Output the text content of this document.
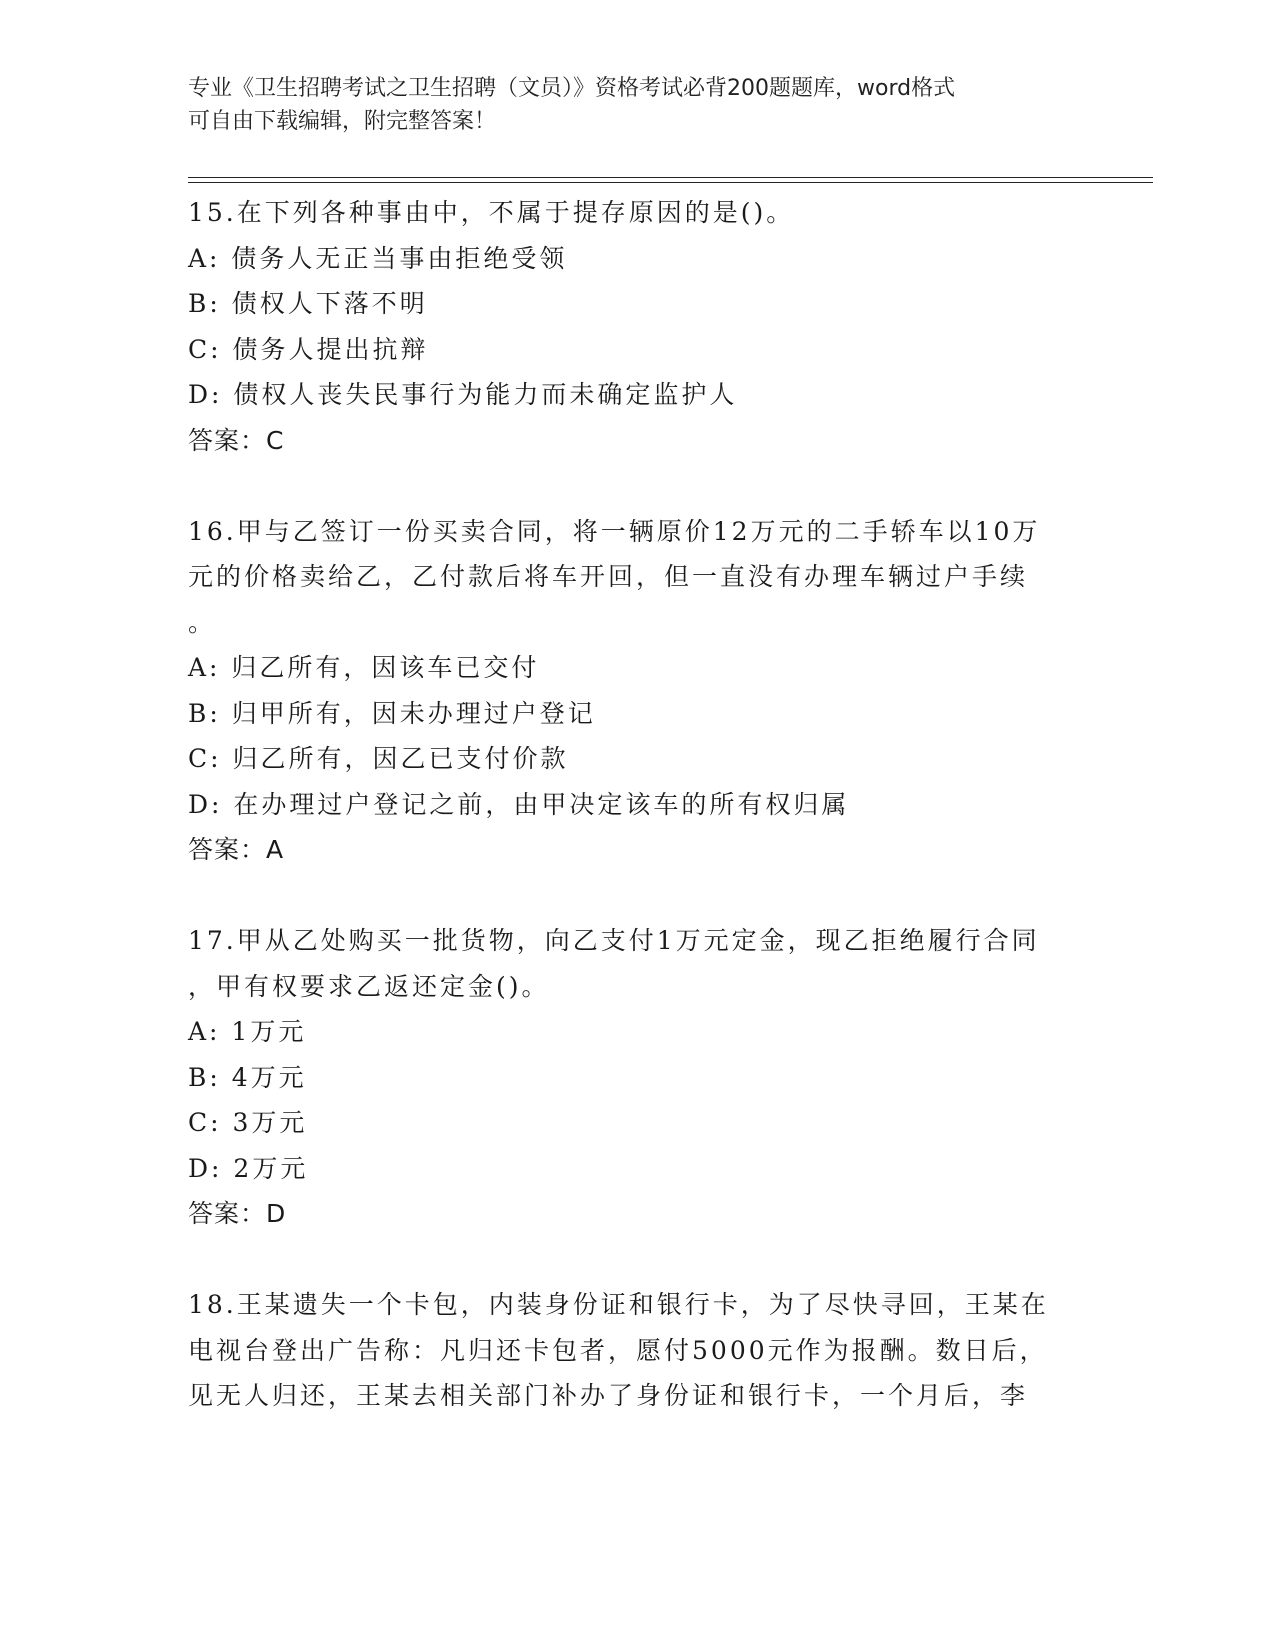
专业《卫生招聘考试之卫生招聘（文员）》资格考试必背200题题库，word格式

可自由下载编辑，附完整答案！

15.在下列各种事由中，不属于提存原因的是()。
A: 债务人无正当事由拒绝受领
B: 债权人下落不明
C: 债务人提出抗辩
D: 债权人丧失民事行为能力而未确定监护人
答案：C
16.甲与乙签订一份买卖合同，将一辆原价12万元的二手轿车以10万
元的价格卖给乙，乙付款后将车开回，但一直没有办理车辆过户手续
。
A: 归乙所有，因该车已交付
B: 归甲所有，因未办理过户登记
C: 归乙所有，因乙已支付价款
D: 在办理过户登记之前，由甲决定该车的所有权归属
答案：A
17.甲从乙处购买一批货物，向乙支付1万元定金，现乙拒绝履行合同
，甲有权要求乙返还定金()。
A: 1万元
B: 4万元
C: 3万元
D: 2万元
答案：D
18.王某遗失一个卡包，内装身份证和银行卡，为了尽快寻回，王某在
电视台登出广告称：凡归还卡包者，愿付5000元作为报酬。数日后，
见无人归还，王某去相关部门补办了身份证和银行卡，一个月后，李
